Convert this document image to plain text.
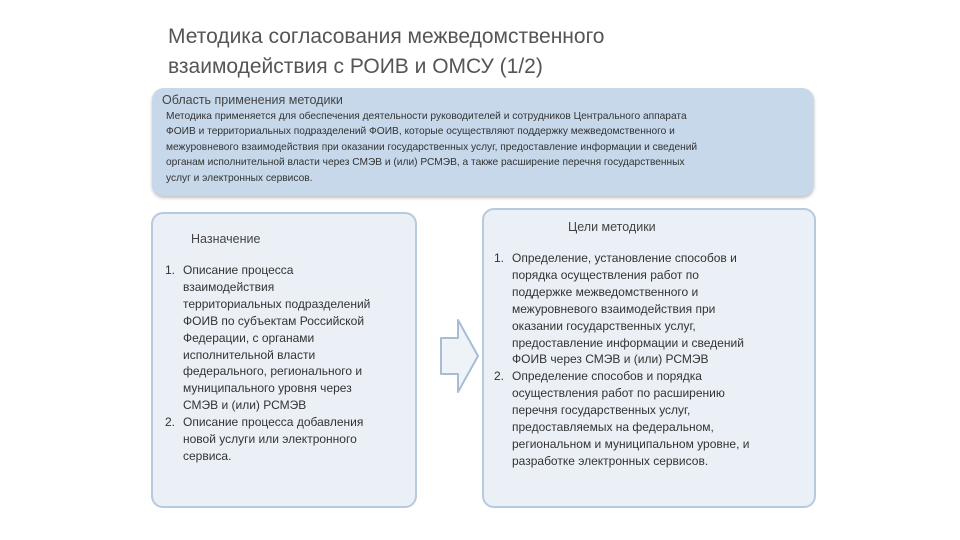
Методика согласования межведомственного
взаимодействия с РОИВ и ОМСУ (1/2)
Область применения методики
Методика применяется для обеспечения деятельности руководителей и сотрудников Центрального аппарата
ФОИВ и территориальных подразделений ФОИВ, которые осуществляют поддержку межведомственного и
межуровневого взаимодействия при оказании государственных услуг, предоставление информации и сведений
органам исполнительной власти через СМЭВ и (или) РСМЭВ, а также расширение перечня государственных
услуг и электронных сервисов.
Назначение
1. Описание процесса
взаимодействия
территориальных подразделений
ФОИВ по субъектам Российской
Федерации, с органами
исполнительной власти
федерального, регионального и
муниципального уровня через
СМЭВ и (или) РСМЭВ
2. Описание процесса добавления
новой услуги или электронного
сервиса.
Цели методики
1. Определение, установление способов и
порядка осуществления работ по
поддержке межведомственного и
межуровневого взаимодействия при
оказании государственных услуг,
предоставление информации и сведений
ФОИВ через СМЭВ и (или) РСМЭВ
2. Определение способов и порядка
осуществления работ по расширению
перечня государственных услуг,
предоставляемых на федеральном,
региональном и муниципальном уровне, и
разработке электронных сервисов.
